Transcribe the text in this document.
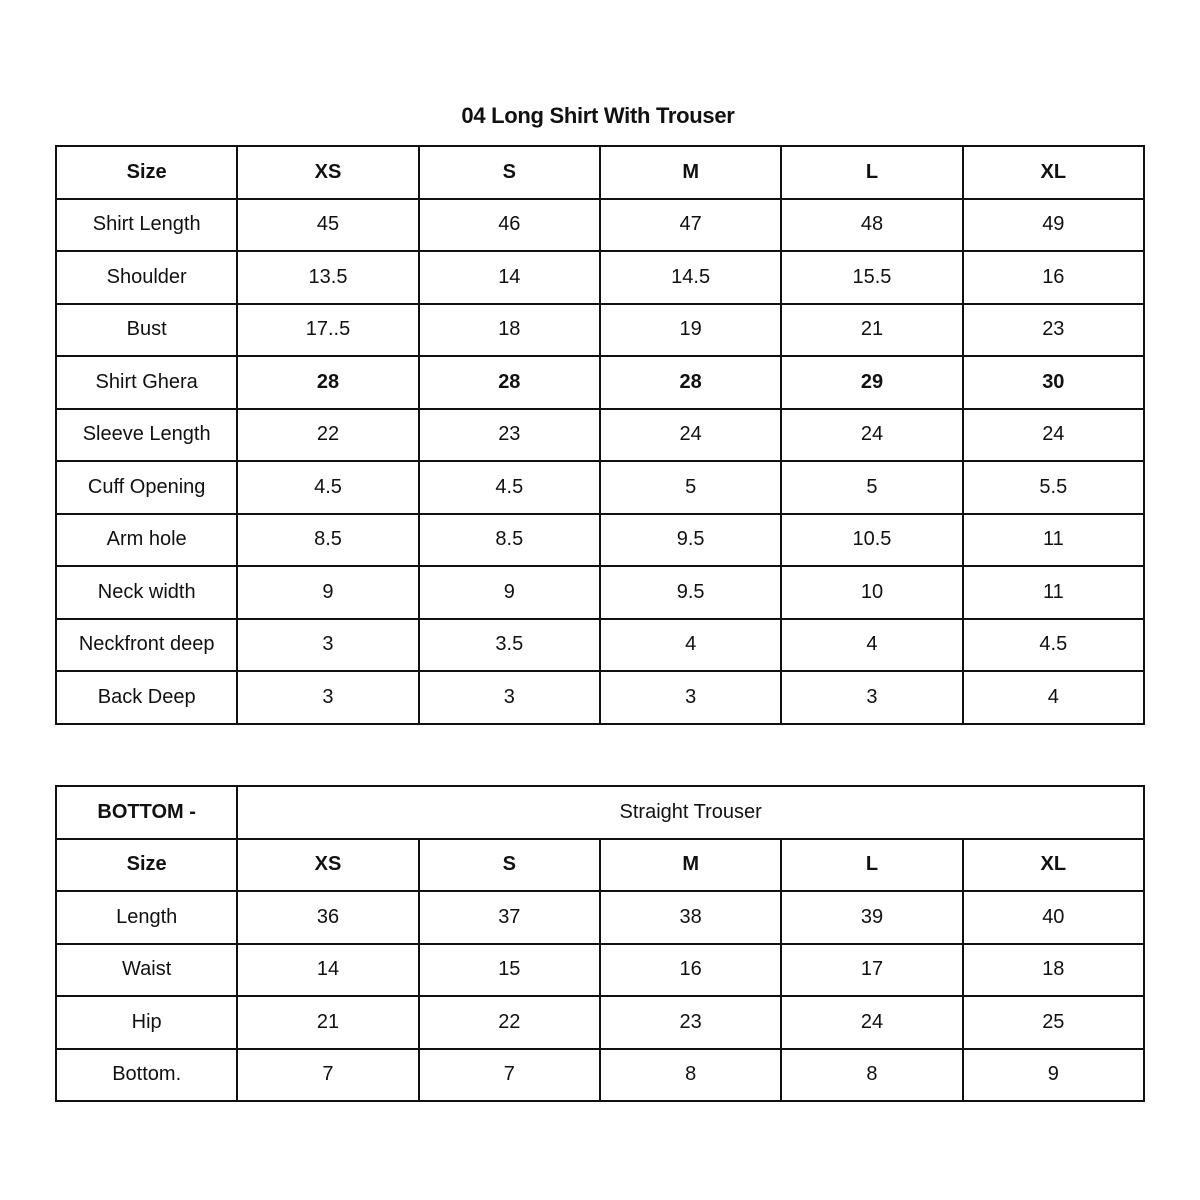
04 Long Shirt With Trouser
Size	XS	S	M	L	XL
Shirt Length	45	46	47	48	49
Shoulder	13.5	14	14.5	15.5	16
Bust	17..5	18	19	21	23
Shirt Ghera	28	28	28	29	30
Sleeve Length	22	23	24	24	24
Cuff Opening	4.5	4.5	5	5	5.5
Arm hole	8.5	8.5	9.5	10.5	11
Neck width	9	9	9.5	10	11
Neckfront deep	3	3.5	4	4	4.5
Back Deep	3	3	3	3	4
BOTTOM -	Straight Trouser				
Size	XS	S	M	L	XL
Length	36	37	38	39	40
Waist	14	15	16	17	18
Hip	21	22	23	24	25
Bottom.	7	7	8	8	9
